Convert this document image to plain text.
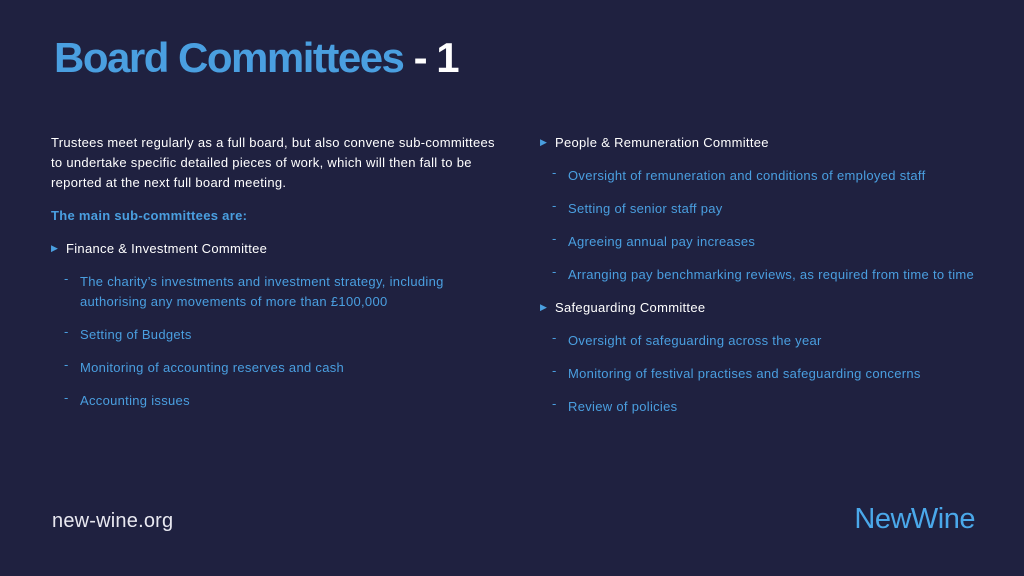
Board Committees - 1

Trustees meet regularly as a full board, but also convene sub-committees to undertake specific detailed pieces of work, which will then fall to be reported at the next full board meeting.

The main sub-committees are:
▶ Finance & Investment Committee
- The charity’s investments and investment strategy, including authorising any movements of more than £100,000
- Setting of Budgets
- Monitoring of accounting reserves and cash
- Accounting issues
▶ People & Remuneration Committee
- Oversight of remuneration and conditions of employed staff
- Setting of senior staff pay
- Agreeing annual pay increases
- Arranging pay benchmarking reviews, as required from time to time
▶ Safeguarding Committee
- Oversight of safeguarding across the year
- Monitoring of festival practises and safeguarding concerns
- Review of policies
new-wine.org	NewWine
